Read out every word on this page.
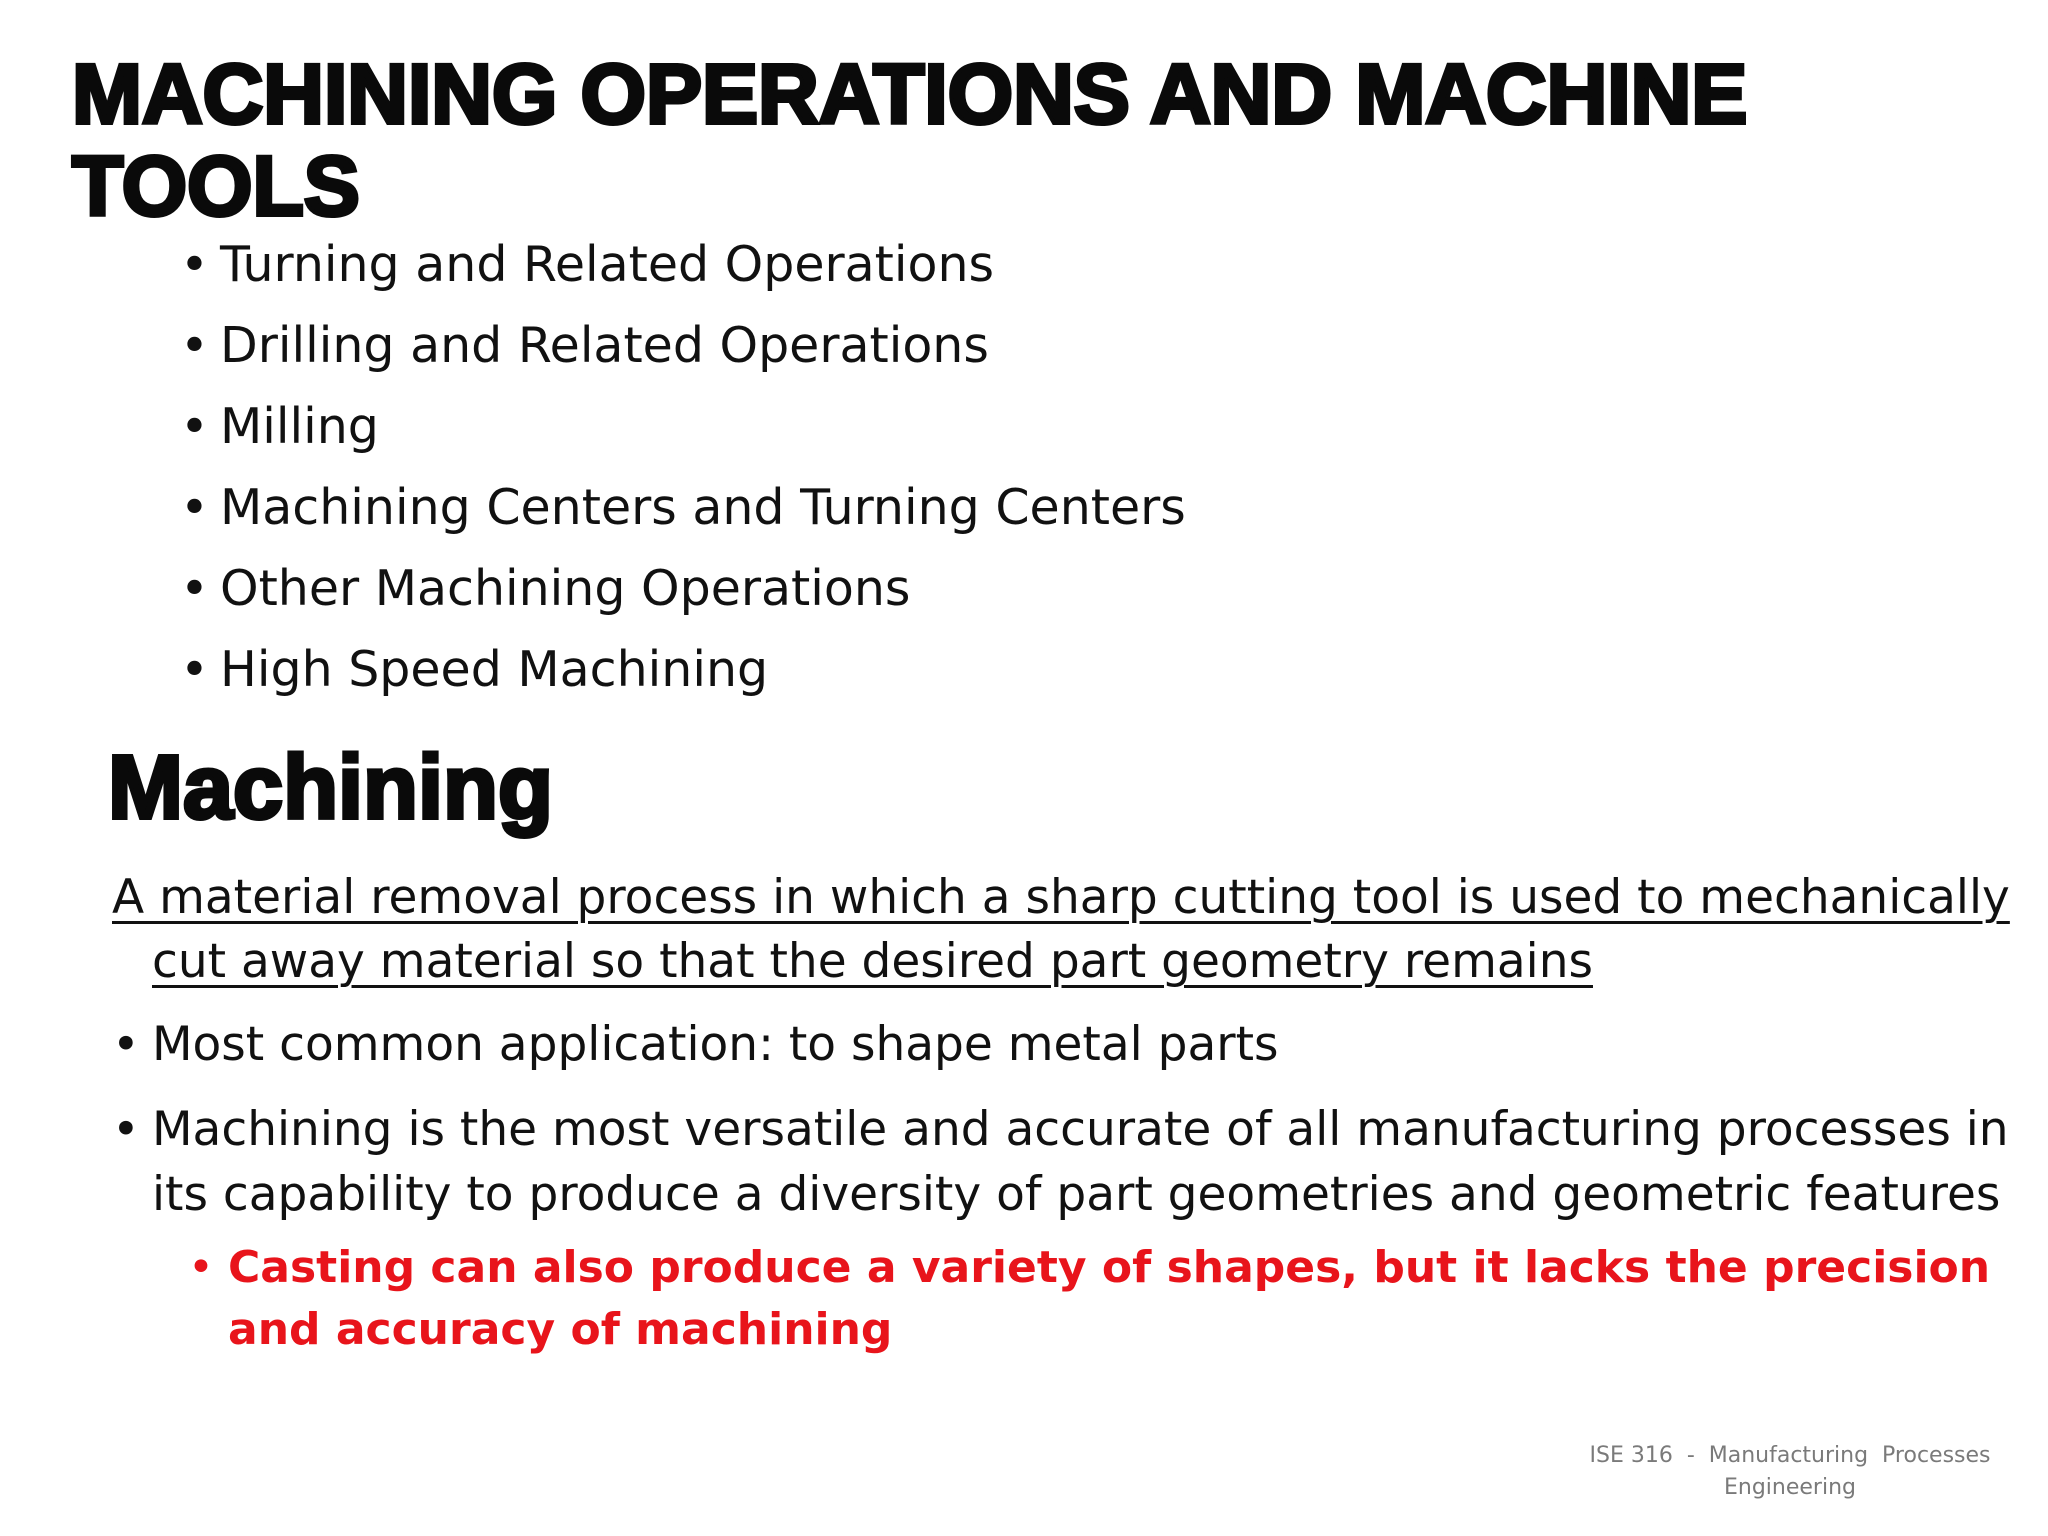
MACHINING OPERATIONS AND MACHINE TOOLS
• Turning and Related Operations
• Drilling and Related Operations
• Milling
• Machining Centers and Turning Centers
• Other Machining Operations
• High Speed Machining
Machining

A material removal process in which a sharp cutting tool is used to mechanically cut away material so that the desired part geometry remains

• Most common application: to shape metal parts
• Machining is the most versatile and accurate of all manufacturing processes in its capability to produce a diversity of part geometries and geometric features
• Casting can also produce a variety of shapes, but it lacks the precision and accuracy of machining
ISE 316  -  Manufacturing  Processes
Engineering
